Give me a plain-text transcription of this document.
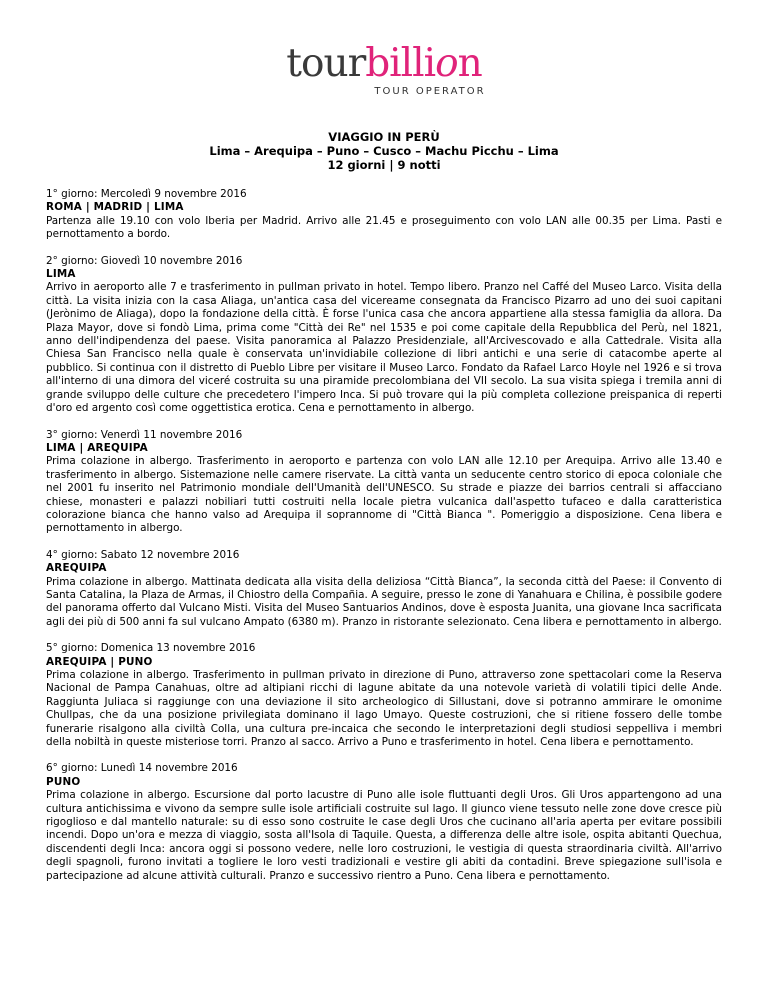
tourbillion
TOUR OPERATOR
VIAGGIO IN PERÙ
Lima – Arequipa – Puno – Cusco – Machu Picchu – Lima
12 giorni | 9 notti
1° giorno: Mercoledì 9 novembre 2016
ROMA | MADRID | LIMA
Partenza alle 19.10 con volo Iberia per Madrid. Arrivo alle 21.45 e proseguimento con volo LAN alle 00.35 per Lima. Pasti e pernottamento a bordo.
2° giorno: Giovedì 10 novembre 2016
LIMA
Arrivo in aeroporto alle 7 e trasferimento in pullman privato in hotel. Tempo libero. Pranzo nel Caffé del Museo Larco. Visita della città. La visita inizia con la casa Aliaga, un'antica casa del vicereame consegnata da Francisco Pizarro ad uno dei suoi capitani (Jerònimo de Aliaga), dopo la fondazione della città. È forse l'unica casa che ancora appartiene alla stessa famiglia da allora. Da Plaza Mayor, dove si fondò Lima, prima come "Città dei Re" nel 1535 e poi come capitale della Repubblica del Perù, nel 1821, anno dell'indipendenza del paese. Visita panoramica al Palazzo Presidenziale, all'Arcivescovado e alla Cattedrale. Visita alla Chiesa San Francisco nella quale è conservata un'invidiabile collezione di libri antichi e una serie di catacombe aperte al pubblico. Si continua con il distretto di Pueblo Libre per visitare il Museo Larco. Fondato da Rafael Larco Hoyle nel 1926 e si trova all'interno di una dimora del viceré costruita su una piramide precolombiana del VII secolo. La sua visita spiega i tremila anni di grande sviluppo delle culture che precedetero l'impero Inca. Si può trovare qui la più completa collezione preispanica di reperti d'oro ed argento così come oggettistica erotica. Cena e pernottamento in albergo.
3° giorno: Venerdì 11 novembre 2016
LIMA | AREQUIPA
Prima colazione in albergo. Trasferimento in aeroporto e partenza con volo LAN alle 12.10 per Arequipa. Arrivo alle 13.40 e trasferimento in albergo. Sistemazione nelle camere riservate. La città vanta un seducente centro storico di epoca coloniale che nel 2001 fu inserito nel Patrimonio mondiale dell'Umanità dell'UNESCO. Su strade e piazze dei barrios centrali si affacciano chiese, monasteri e palazzi nobiliari tutti costruiti nella locale pietra vulcanica dall'aspetto tufaceo e dalla caratteristica colorazione bianca che hanno valso ad Arequipa il soprannome di "Città Bianca ". Pomeriggio a disposizione. Cena libera e pernottamento in albergo.
4° giorno: Sabato 12 novembre 2016
AREQUIPA
Prima colazione in albergo. Mattinata dedicata alla visita della deliziosa “Città Bianca”, la seconda città del Paese: il Convento di Santa Catalina, la Plaza de Armas, il Chiostro della Compañia. A seguire, presso le zone di Yanahuara e Chilina, è possibile godere del panorama offerto dal Vulcano Misti. Visita del Museo Santuarios Andinos, dove è esposta Juanita, una giovane Inca sacrificata agli dei più di 500 anni fa sul vulcano Ampato (6380 m). Pranzo in ristorante selezionato. Cena libera e pernottamento in albergo.
5° giorno: Domenica 13 novembre 2016
AREQUIPA | PUNO
Prima colazione in albergo. Trasferimento in pullman privato in direzione di Puno, attraverso zone spettacolari come la Reserva Nacional de Pampa Canahuas, oltre ad altipiani ricchi di lagune abitate da una notevole varietà di volatili tipici delle Ande. Raggiunta Juliaca si raggiunge con una deviazione il sito archeologico di Sillustani, dove si potranno ammirare le omonime Chullpas, che da una posizione privilegiata dominano il lago Umayo. Queste costruzioni, che si ritiene fossero delle tombe funerarie risalgono alla civiltà Colla, una cultura pre-incaica che secondo le interpretazioni degli studiosi seppelliva i membri della nobiltà in queste misteriose torri. Pranzo al sacco. Arrivo a Puno e trasferimento in hotel. Cena libera e pernottamento.
6° giorno: Lunedì 14 novembre 2016
PUNO
Prima colazione in albergo. Escursione dal porto lacustre di Puno alle isole fluttuanti degli Uros. Gli Uros appartengono ad una cultura antichissima e vivono da sempre sulle isole artificiali costruite sul lago. Il giunco viene tessuto nelle zone dove cresce più rigoglioso e dal mantello naturale: su di esso sono costruite le case degli Uros che cucinano all'aria aperta per evitare possibili incendi. Dopo un'ora e mezza di viaggio, sosta all'Isola di Taquile. Questa, a differenza delle altre isole, ospita abitanti Quechua, discendenti degli Inca: ancora oggi si possono vedere, nelle loro costruzioni, le vestigia di questa straordinaria civiltà. All'arrivo degli spagnoli, furono invitati a togliere le loro vesti tradizionali e vestire gli abiti da contadini. Breve spiegazione sull'isola e partecipazione ad alcune attività culturali. Pranzo e successivo rientro a Puno. Cena libera e pernottamento.
